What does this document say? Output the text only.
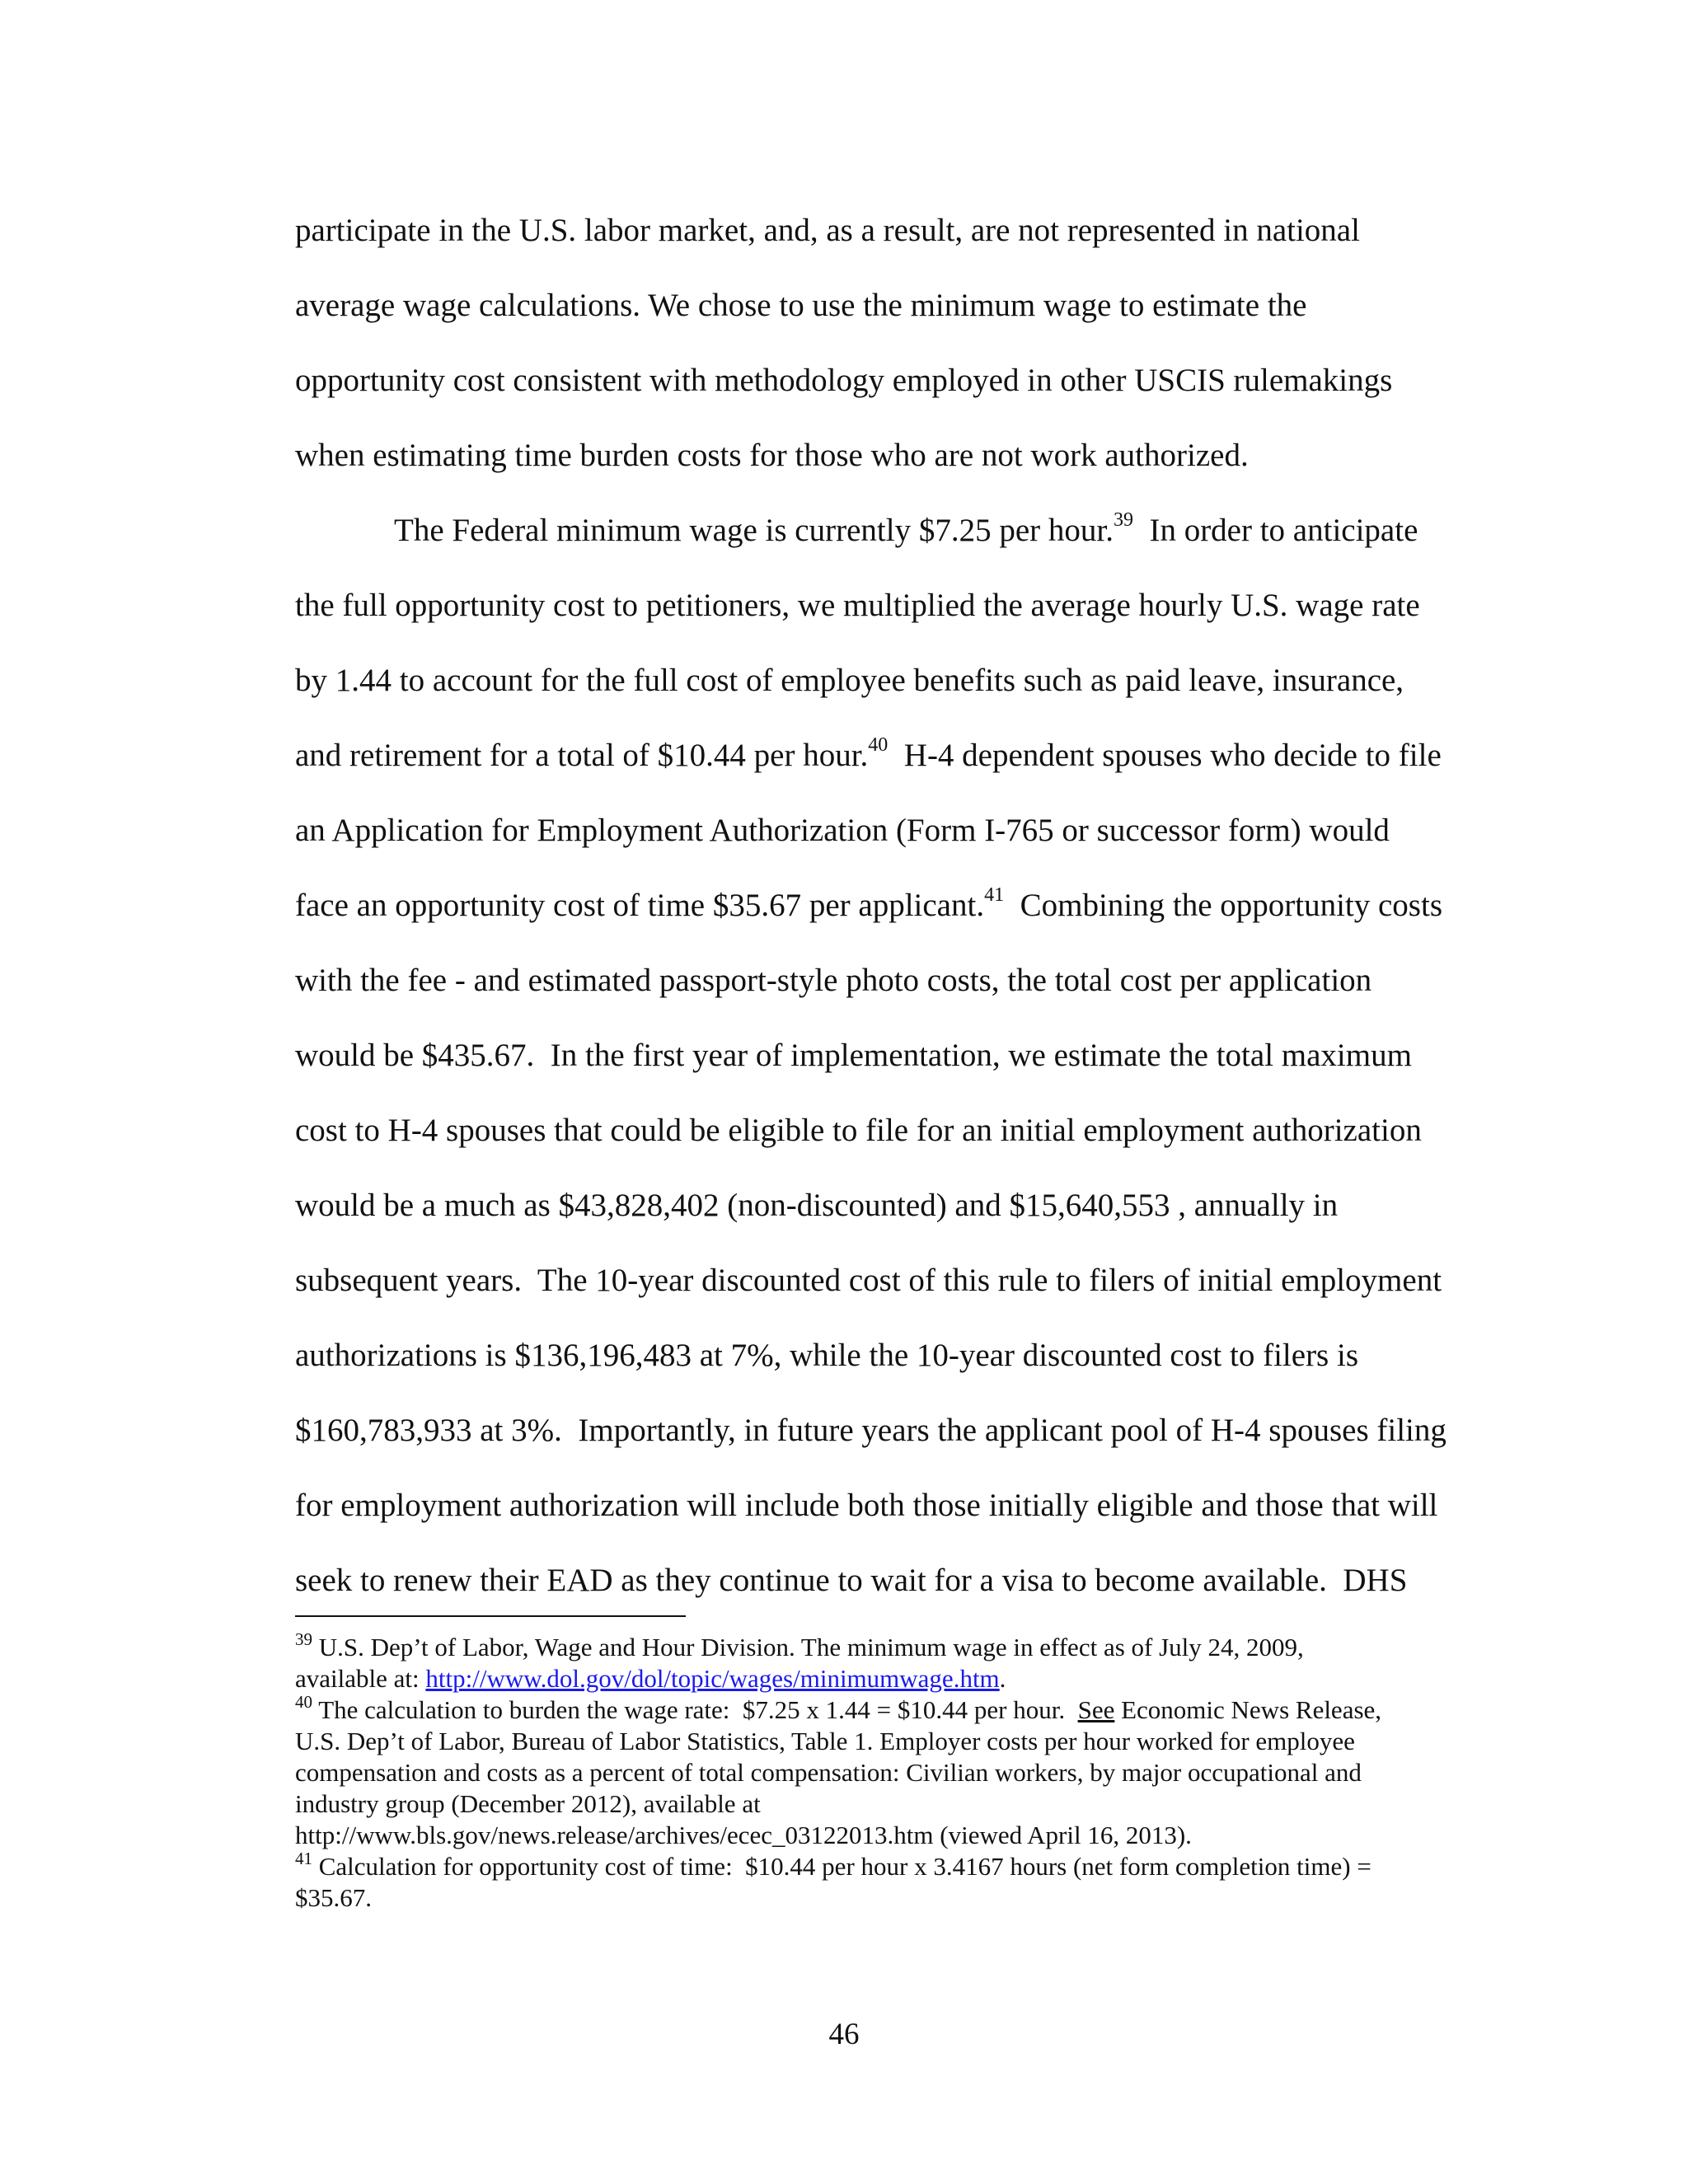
participate in the U.S. labor market, and, as a result, are not represented in national
average wage calculations. We chose to use the minimum wage to estimate the
opportunity cost consistent with methodology employed in other USCIS rulemakings
when estimating time burden costs for those who are not work authorized.
The Federal minimum wage is currently $7.25 per hour.$^{39}$  In order to anticipate
the full opportunity cost to petitioners, we multiplied the average hourly U.S. wage rate
by 1.44 to account for the full cost of employee benefits such as paid leave, insurance,
and retirement for a total of $10.44 per hour.$^{40}$  H-4 dependent spouses who decide to file
an Application for Employment Authorization (Form I-765 or successor form) would
face an opportunity cost of time $35.67 per applicant.$^{41}$  Combining the opportunity costs
with the fee - and estimated passport-style photo costs, the total cost per application
would be $435.67.  In the first year of implementation, we estimate the total maximum
cost to H-4 spouses that could be eligible to file for an initial employment authorization
would be a much as $43,828,402 (non-discounted) and $15,640,553 , annually in
subsequent years.  The 10-year discounted cost of this rule to filers of initial employment
authorizations is $136,196,483 at 7%, while the 10-year discounted cost to filers is
$160,783,933 at 3%.  Importantly, in future years the applicant pool of H-4 spouses filing
for employment authorization will include both those initially eligible and those that will
seek to renew their EAD as they continue to wait for a visa to become available.  DHS
$^{39}$ U.S. Dep’t of Labor, Wage and Hour Division. The minimum wage in effect as of July 24, 2009,
available at: http://www.dol.gov/dol/topic/wages/minimumwage.htm.
$^{40}$ The calculation to burden the wage rate:  $7.25 x 1.44 = $10.44 per hour.  See Economic News Release,
U.S. Dep’t of Labor, Bureau of Labor Statistics, Table 1. Employer costs per hour worked for employee
compensation and costs as a percent of total compensation: Civilian workers, by major occupational and
industry group (December 2012), available at
http://www.bls.gov/news.release/archives/ecec_03122013.htm (viewed April 16, 2013).
$^{41}$ Calculation for opportunity cost of time:  $10.44 per hour x 3.4167 hours (net form completion time) =
$35.67.
46
